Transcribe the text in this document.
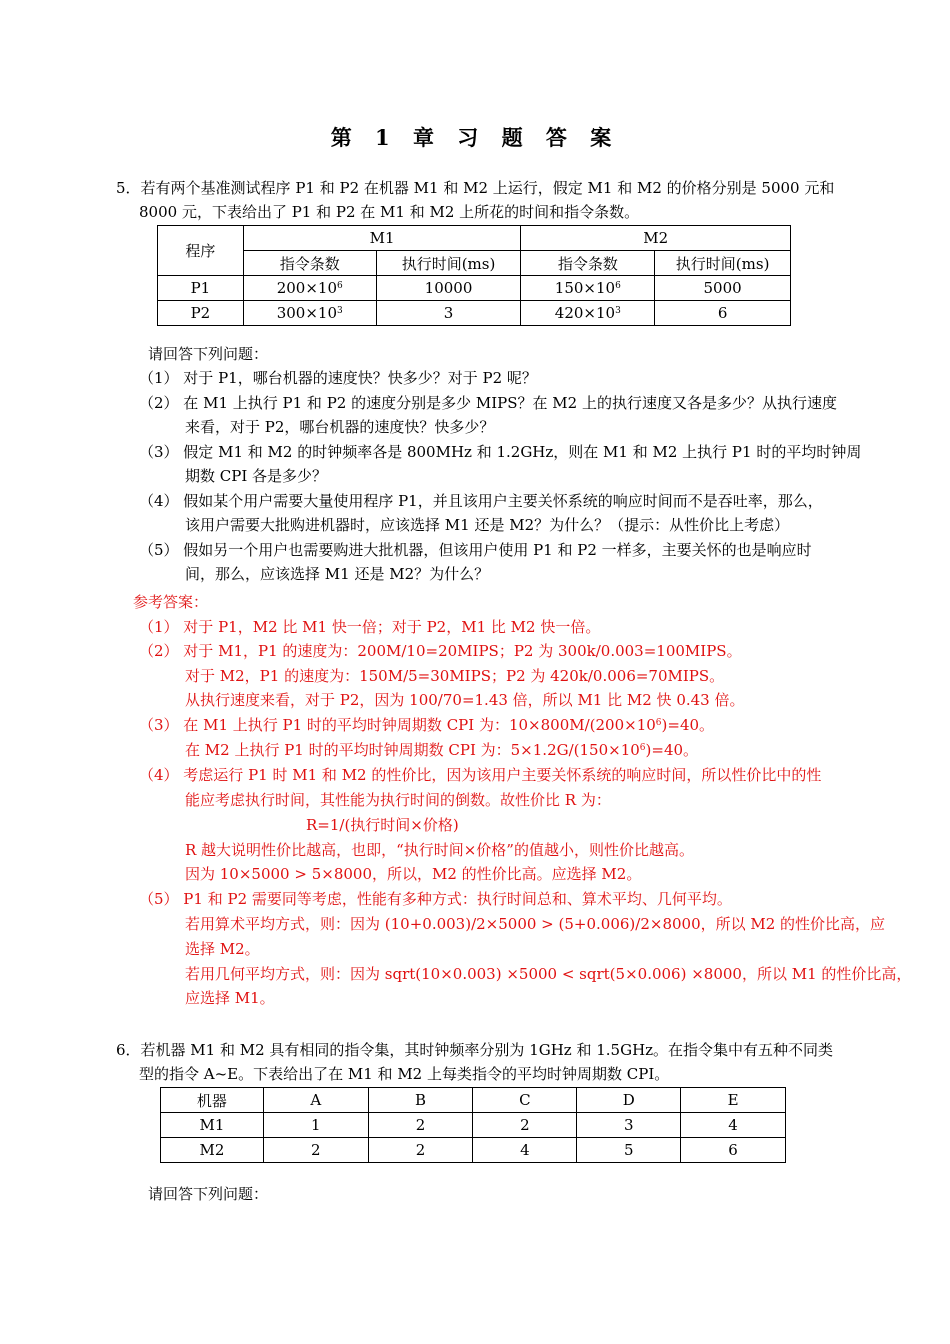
第 1 章 习 题 答 案
5．若有两个基准测试程序 P1 和 P2 在机器 M1 和 M2 上运行，假定 M1 和 M2 的价格分别是 5000 元和
8000 元，下表给出了 P1 和 P2 在 M1 和 M2 上所花的时间和指令条数。
程序	M1		M2	
	指令条数	执行时间(ms)	指令条数	执行时间(ms)
P1	$200\times 10^6$	10000	$150\times 10^6$	5000
P2	$300\times 10^3$	3	$420\times 10^3$	6
请回答下列问题：
（1） 对于 P1，哪台机器的速度快？快多少？对于 P2 呢？
（2） 在 M1 上执行 P1 和 P2 的速度分别是多少 MIPS？在 M2 上的执行速度又各是多少？从执行速度
来看，对于 P2，哪台机器的速度快？快多少？
（3） 假定 M1 和 M2 的时钟频率各是 800MHz 和 1.2GHz，则在 M1 和 M2 上执行 P1 时的平均时钟周
期数 CPI 各是多少？
（4） 假如某个用户需要大量使用程序 P1，并且该用户主要关怀系统的响应时间而不是吞吐率，那么，
该用户需要大批购进机器时，应该选择 M1 还是 M2？为什么？（提示：从性价比上考虑）
（5） 假如另一个用户也需要购进大批机器，但该用户使用 P1 和 P2 一样多，主要关怀的也是响应时
间，那么，应该选择 M1 还是 M2？为什么？
参考答案：
（1） 对于 P1，M2 比 M1 快一倍；对于 P2，M1 比 M2 快一倍。
（2） 对于 M1，P1 的速度为：200M/10=20MIPS；P2 为 300k/0.003=100MIPS。
对于 M2，P1 的速度为：150M/5=30MIPS；P2 为 420k/0.006=70MIPS。
从执行速度来看，对于 P2，因为 100/70=1.43 倍，所以 M1 比 M2 快 0.43 倍。
（3） 在 M1 上执行 P1 时的平均时钟周期数 CPI 为：$10\times 800M/(200\times 10^6)=40$。
在 M2 上执行 P1 时的平均时钟周期数 CPI 为：$5\times 1.2G/(150\times 10^6)=40$。
（4） 考虑运行 P1 时 M1 和 M2 的性价比，因为该用户主要关怀系统的响应时间，所以性价比中的性
能应考虑执行时间，其性能为执行时间的倒数。故性价比 R 为：
R=1/(执行时间×价格)
R 越大说明性价比越高，也即，“执行时间×价格”的值越小，则性价比越高。
因为 10×5000 > 5×8000，所以，M2 的性价比高。应选择 M2。
（5） P1 和 P2 需要同等考虑，性能有多种方式：执行时间总和、算术平均、几何平均。
若用算术平均方式，则：因为 (10+0.003)/2×5000 > (5+0.006)/2×8000，所以 M2 的性价比高，应
选择 M2。
若用几何平均方式，则：因为 sqrt(10×0.003) ×5000 < sqrt(5×0.006) ×8000，所以 M1 的性价比高，
应选择 M1。
6．若机器 M1 和 M2 具有相同的指令集，其时钟频率分别为 1GHz 和 1.5GHz。在指令集中有五种不同类
型的指令 A~E。下表给出了在 M1 和 M2 上每类指令的平均时钟周期数 CPI。
机器	A	B	C	D	E
M1	1	2	2	3	4
M2	2	2	4	5	6
请回答下列问题：
